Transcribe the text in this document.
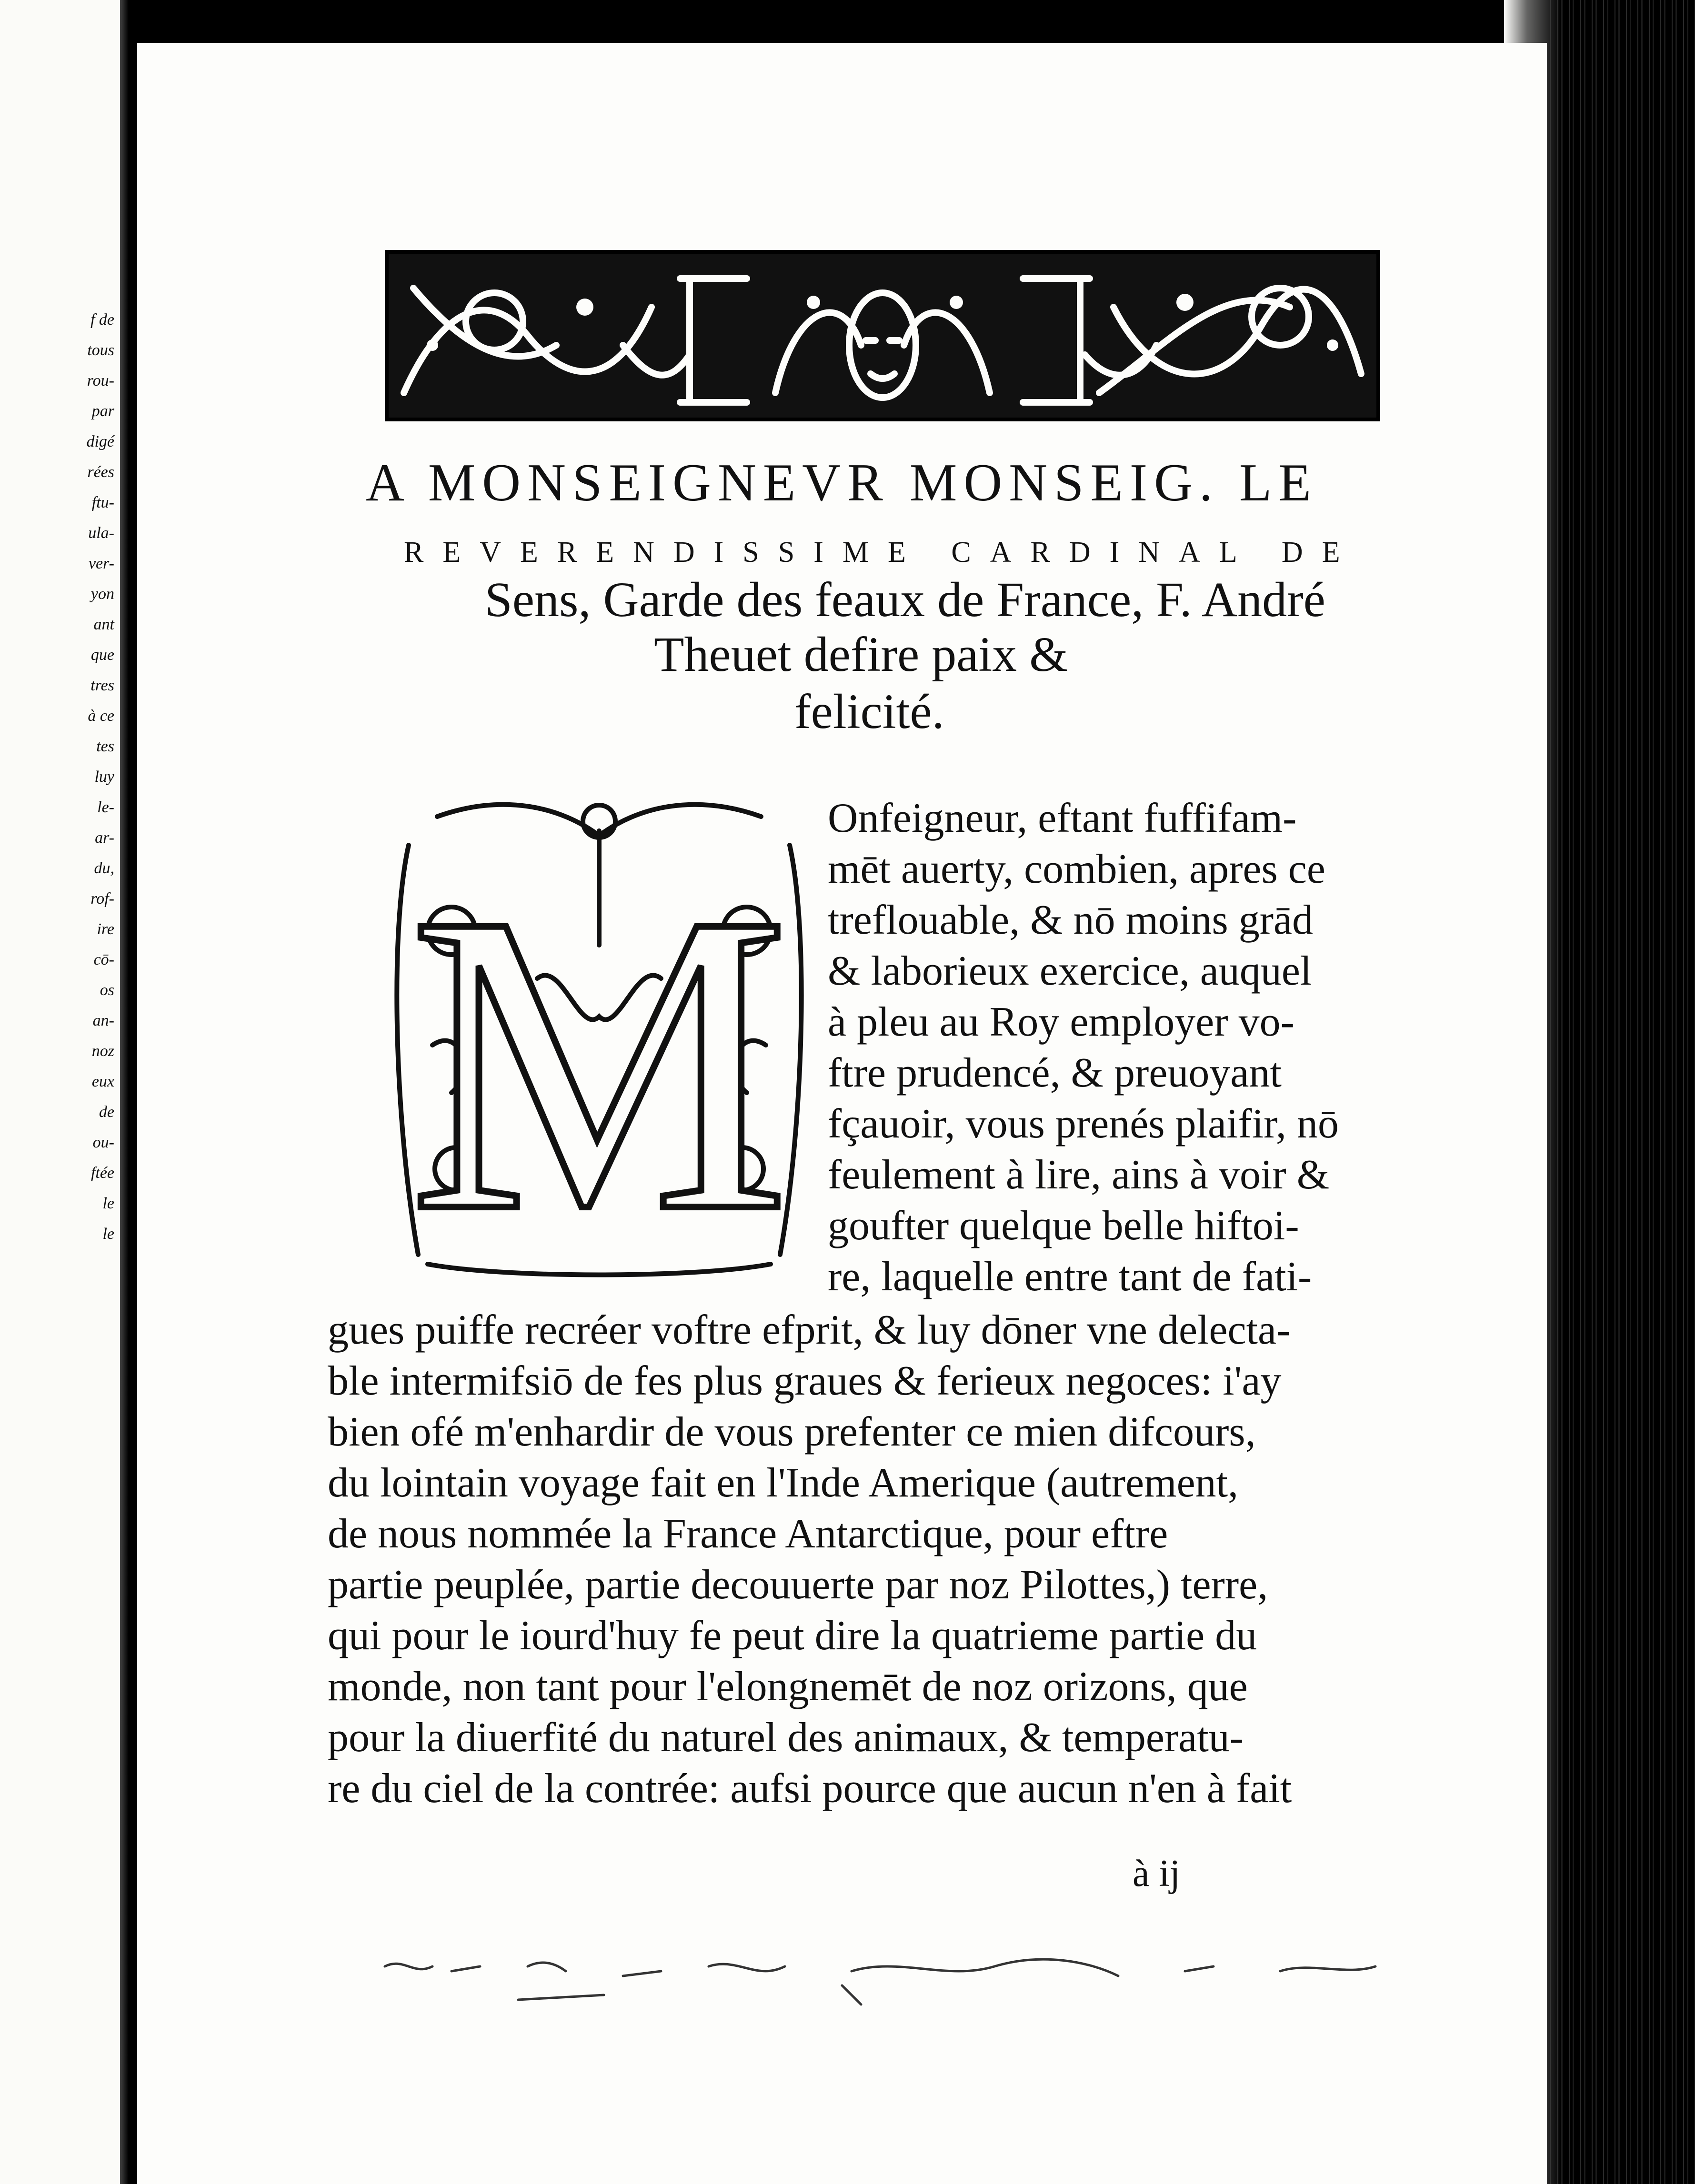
f de
tous
rou-
par
digé
rées
ftu-
ula-
ver-
yon
ant
que
tres
à ce
tes
luy
le-
ar-
du,
rof-
ire
cō-
os
an-
noz
eux
de
ou-
ftée
le
le
A MONSEIGNEVR MONSEIG. LE
REVERENDISSIME CARDINAL DE
Sens, Garde des feaux de France, F. André
Theuet defire paix &
felicité.
M
Onfeigneur, eftant fuffifam-
mēt auerty, combien, apres ce
treflouable, & nō moins grād
& laborieux exercice, auquel
à pleu au Roy employer vo-
ftre prudencé, & preuoyant
fçauoir, vous prenés plaifir, nō
feulement à lire, ains à voir &
goufter quelque belle hiftoi-
re, laquelle entre tant de fati-
gues puiffe recréer voftre efprit, & luy dōner vne delecta-
ble intermifsiō de fes plus graues & ferieux negoces: i'ay
bien ofé m'enhardir de vous prefenter ce mien difcours,
du lointain voyage fait en l'Inde Amerique (autrement,
de nous nommée la France Antarctique, pour eftre
partie peuplée, partie decouuerte par noz Pilottes,) terre,
qui pour le iourd'huy fe peut dire la quatrieme partie du
monde, non tant pour l'elongnemēt de noz orizons, que
pour la diuerfité du naturel des animaux, & temperatu-
re du ciel de la contrée: aufsi pource que aucun n'en à fait
à ij
